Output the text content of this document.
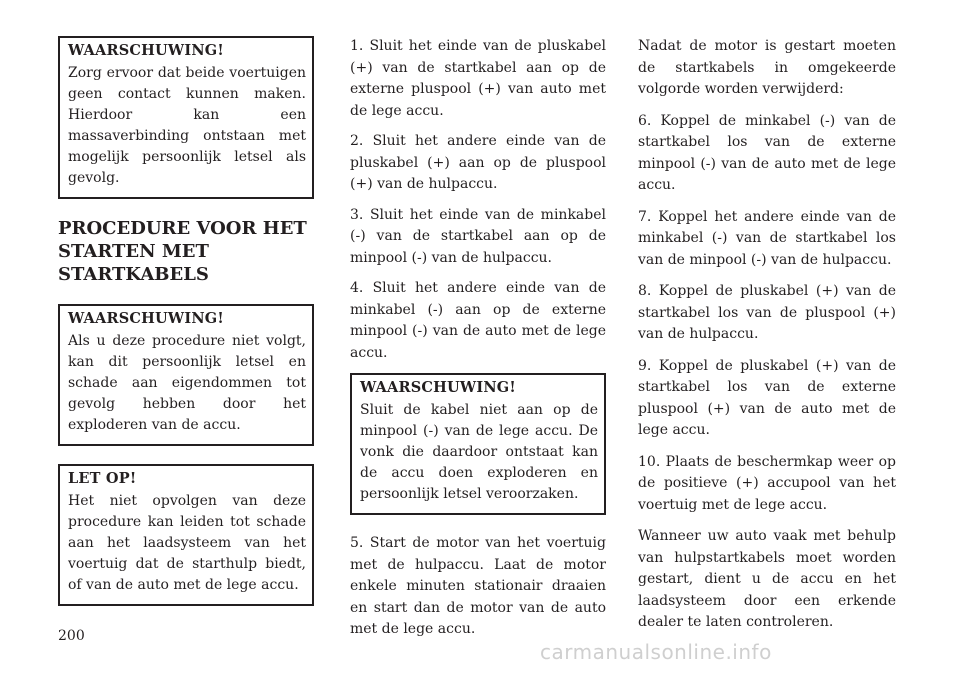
WAARSCHUWING!

Zorg ervoor dat beide voertuigen geen contact kunnen maken. Hierdoor kan een massaverbinding ontstaan met mogelijk persoonlijk letsel als gevolg.

PROCEDURE VOOR HET STARTEN MET STARTKABELS
WAARSCHUWING!

Als u deze procedure niet volgt, kan dit persoonlijk letsel en schade aan eigendommen tot gevolg hebben door het exploderen van de accu.

LET OP!

Het niet opvolgen van deze procedure kan leiden tot schade aan het laadsysteem van het voertuig dat de starthulp biedt, of van de auto met de lege accu.

1. Sluit het einde van de pluskabel (+) van de startkabel aan op de externe pluspool (+) van auto met de lege accu.

2. Sluit het andere einde van de pluskabel (+) aan op de pluspool (+) van de hulpaccu.

3. Sluit het einde van de minkabel (-) van de startkabel aan op de minpool (-) van de hulpaccu.

4. Sluit het andere einde van de minkabel (-) aan op de externe minpool (-) van de auto met de lege accu.

WAARSCHUWING!

Sluit de kabel niet aan op de minpool (-) van de lege accu. De vonk die daardoor ontstaat kan de accu doen exploderen en persoonlijk letsel veroorzaken.

5. Start de motor van het voertuig met de hulpaccu. Laat de motor enkele minuten stationair draaien en start dan de motor van de auto met de lege accu.

Nadat de motor is gestart moeten de startkabels in omgekeerde volgorde worden verwijderd:

6. Koppel de minkabel (-) van de startkabel los van de externe minpool (-) van de auto met de lege accu.

7. Koppel het andere einde van de minkabel (-) van de startkabel los van de minpool (-) van de hulpaccu.

8. Koppel de pluskabel (+) van de startkabel los van de pluspool (+) van de hulpaccu.

9. Koppel de pluskabel (+) van de startkabel los van de externe pluspool (+) van de auto met de lege accu.

10. Plaats de beschermkap weer op de positieve (+) accupool van het voertuig met de lege accu.

Wanneer uw auto vaak met behulp van hulpstartkabels moet worden gestart, dient u de accu en het laadsysteem door een erkende dealer te laten controleren.

200
carmanualsonline.info
